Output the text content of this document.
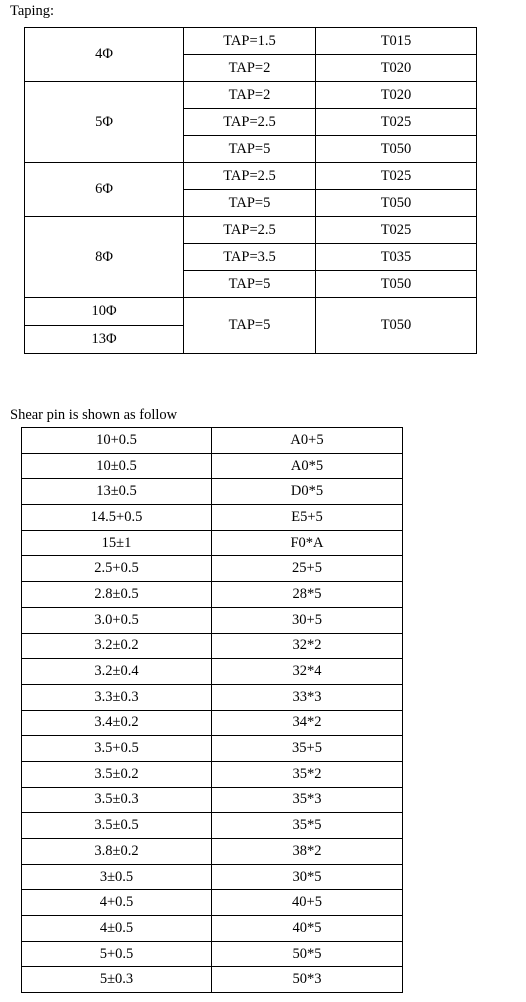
Taping:
4Φ	TAP=1.5	T015
	TAP=2	T020
5Φ	TAP=2	T020
	TAP=2.5	T025
	TAP=5	T050
6Φ	TAP=2.5	T025
	TAP=5	T050
8Φ	TAP=2.5	T025
	TAP=3.5	T035
	TAP=5	T050
10Φ	TAP=5	T050
13Φ		
Shear pin is shown as follow
10+0.5	A0+5
10±0.5	A0*5
13±0.5	D0*5
14.5+0.5	E5+5
15±1	F0*A
2.5+0.5	25+5
2.8±0.5	28*5
3.0+0.5	30+5
3.2±0.2	32*2
3.2±0.4	32*4
3.3±0.3	33*3
3.4±0.2	34*2
3.5+0.5	35+5
3.5±0.2	35*2
3.5±0.3	35*3
3.5±0.5	35*5
3.8±0.2	38*2
3±0.5	30*5
4+0.5	40+5
4±0.5	40*5
5+0.5	50*5
5±0.3	50*3
